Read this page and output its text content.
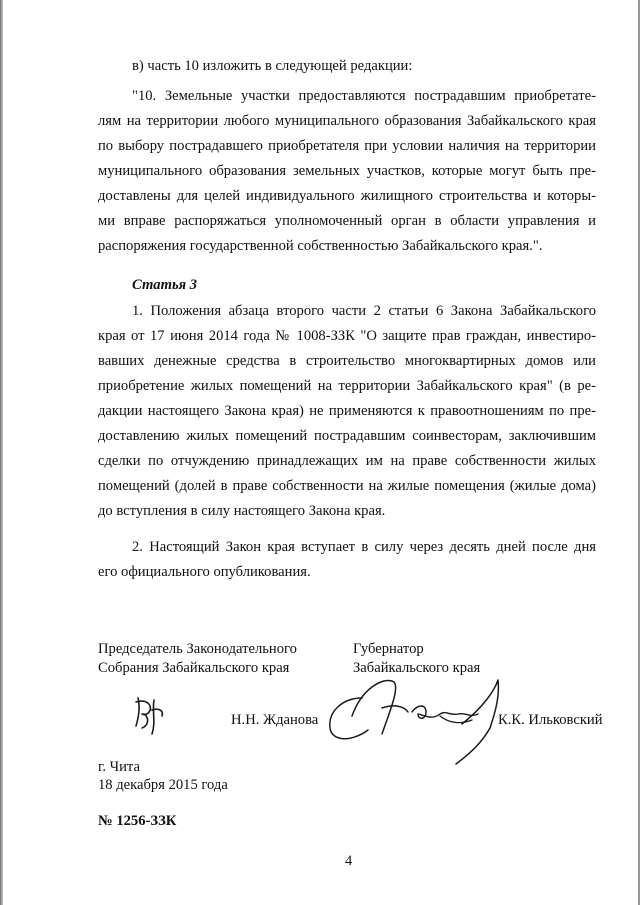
в) часть 10 изложить в следующей редакции:
"10. Земельные участки предоставляются пострадавшим приобретате-
лям на территории любого муниципального образования Забайкальского края
по выбору пострадавшего приобретателя при условии наличия на территории
муниципального образования земельных участков, которые могут быть пре-
доставлены для целей индивидуального жилищного строительства и которы-
ми вправе распоряжаться уполномоченный орган в области управления и
распоряжения государственной собственностью Забайкальского края.".
Статья 3
1. Положения абзаца второго части 2 статьи 6 Закона Забайкальского
края от 17 июня 2014 года № 1008-ЗЗК "О защите прав граждан, инвестиро-
вавших денежные средства в строительство многоквартирных домов или
приобретение жилых помещений на территории Забайкальского края" (в ре-
дакции настоящего Закона края) не применяются к правоотношениям по пре-
доставлению жилых помещений пострадавшим соинвесторам, заключившим
сделки по отчуждению принадлежащих им на праве собственности жилых
помещений (долей в праве собственности на жилые помещения (жилые дома)
до вступления в силу настоящего Закона края.
2. Настоящий Закон края вступает в силу через десять дней после дня
его официального опубликования.
Председатель Законодательного
Собрания Забайкальского края
Губернатор
Забайкальского края
Н.Н. Жданова	К.К. Ильковский
г. Чита
18 декабря 2015 года
№ 1256-ЗЗК
4
